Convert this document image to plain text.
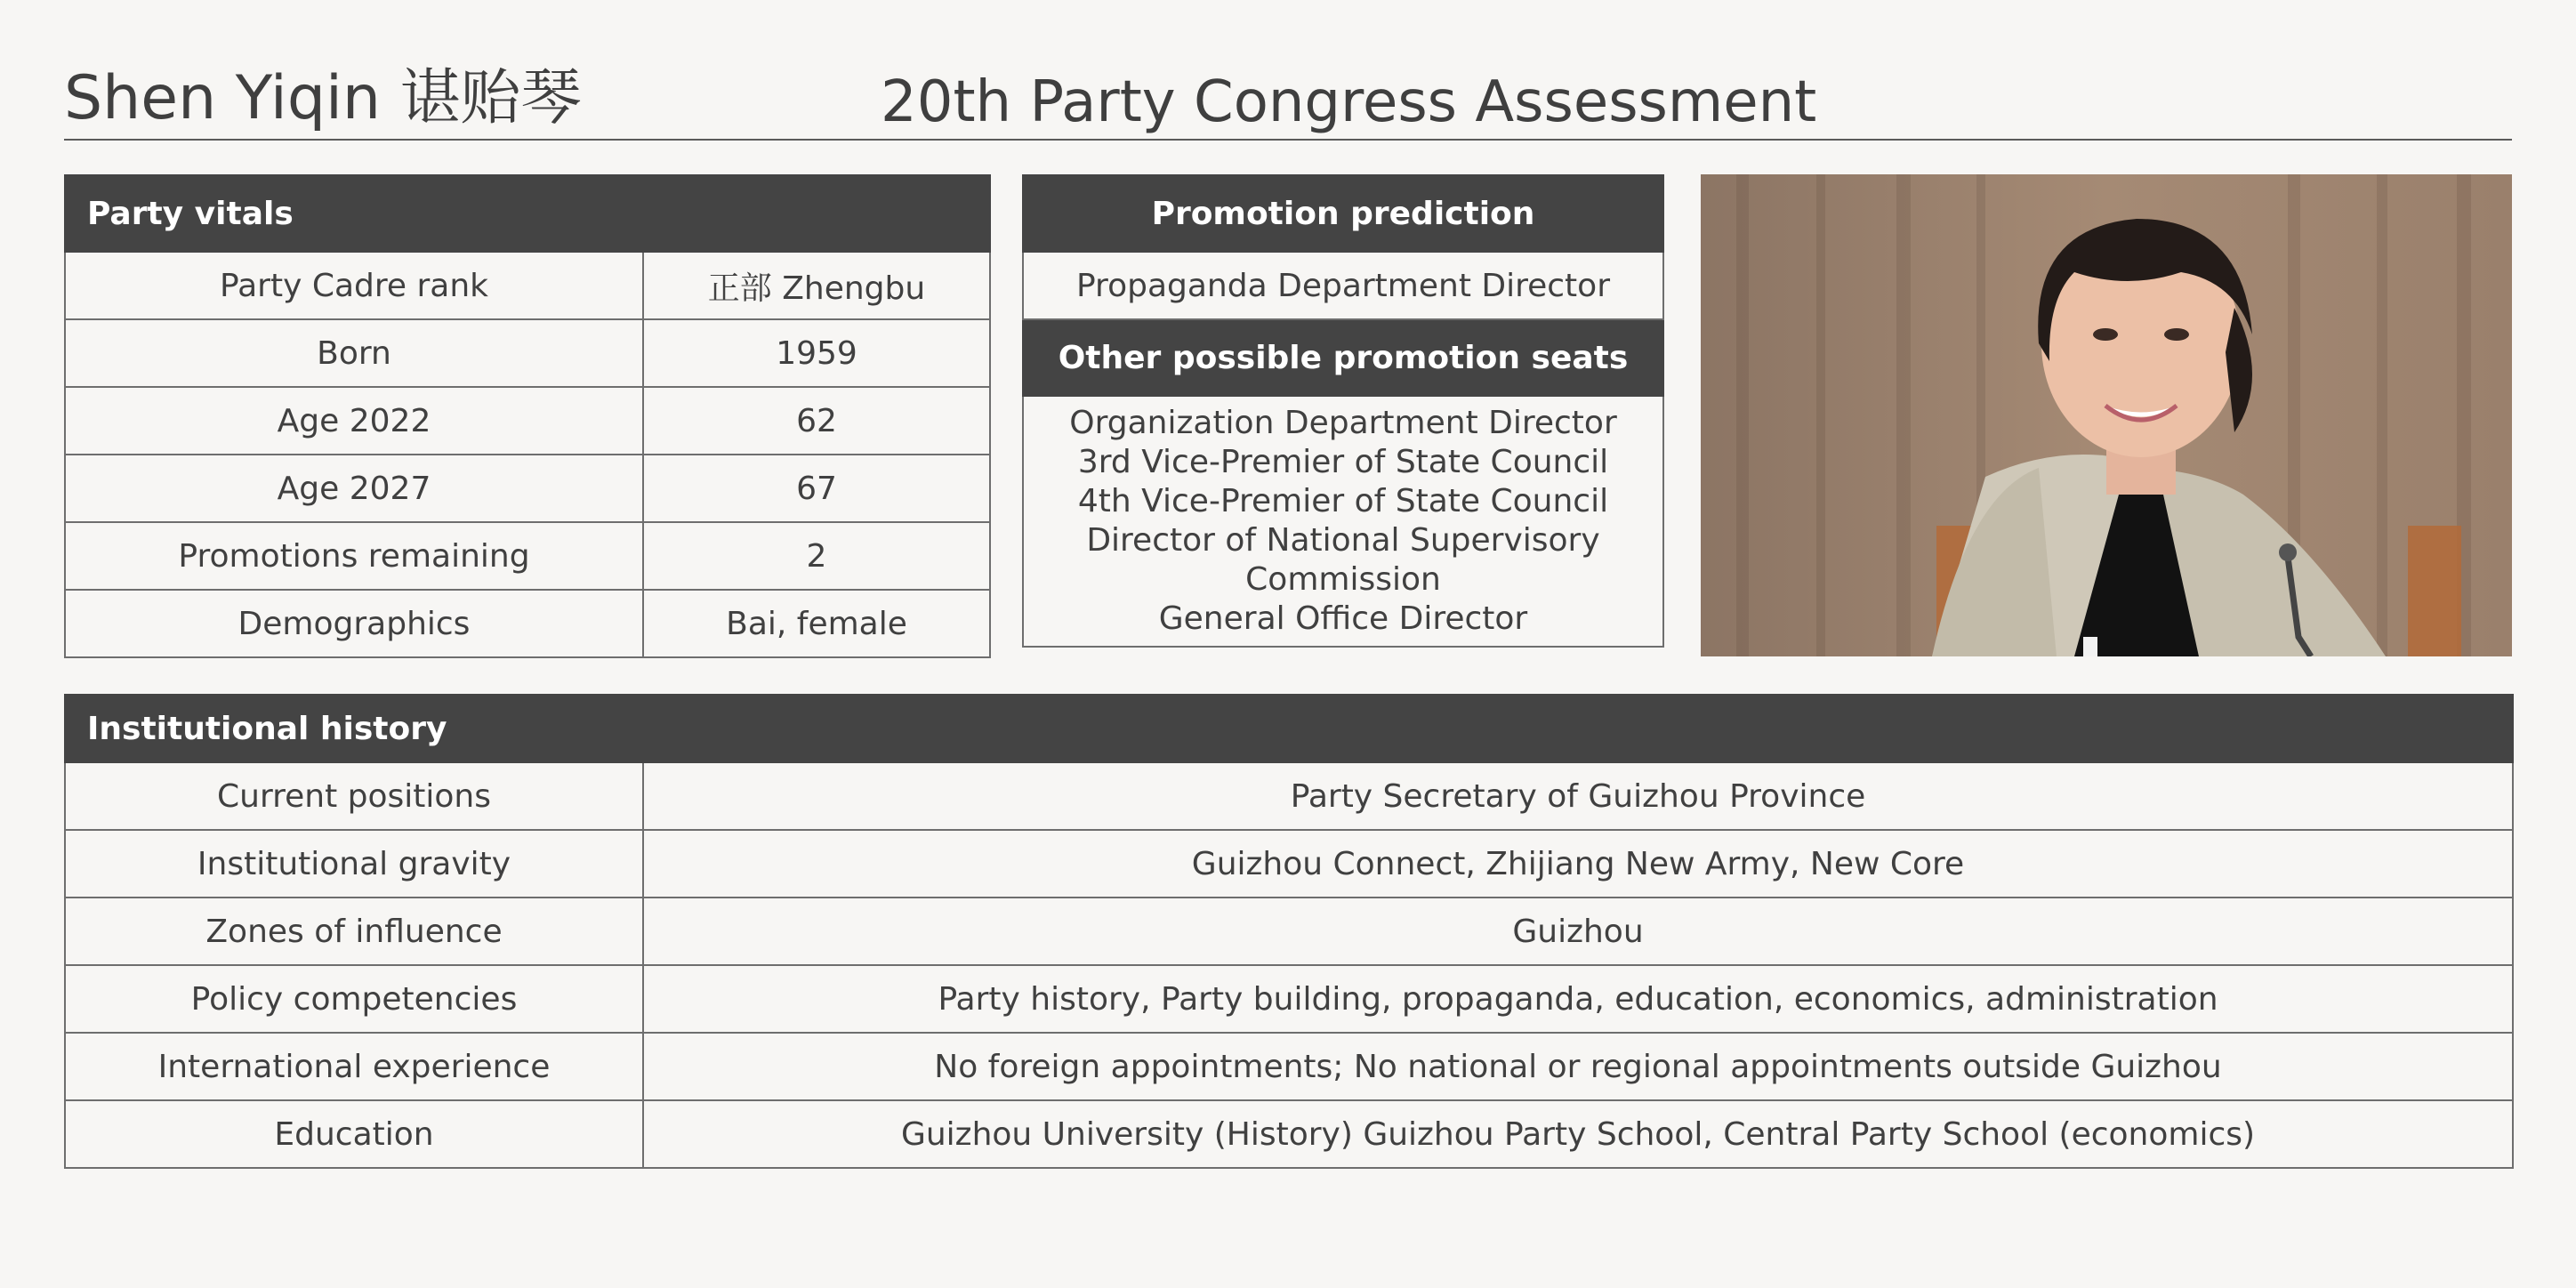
Shen Yiqin 谌贻琴	20th Party Congress Assessment
Party vitals	
Party Cadre rank	正部 Zhengbu
Born	1959
Age 2022	62
Age 2027	67
Promotions remaining	2
Demographics	Bai, female
Promotion prediction
Propaganda Department Director
Other possible promotion seats

Organization Department Director
3rd Vice-Premier of State Council
4th Vice-Premier of State Council
Director of National Supervisory Commission
General Office Director
Institutional history	
Current positions	Party Secretary of Guizhou Province
Institutional gravity	Guizhou Connect, Zhijiang New Army, New Core
Zones of influence	Guizhou
Policy competencies	Party history, Party building, propaganda, education, economics, administration
International experience	No foreign appointments; No national or regional appointments outside Guizhou
Education	Guizhou University (History) Guizhou Party School, Central Party School (economics)
